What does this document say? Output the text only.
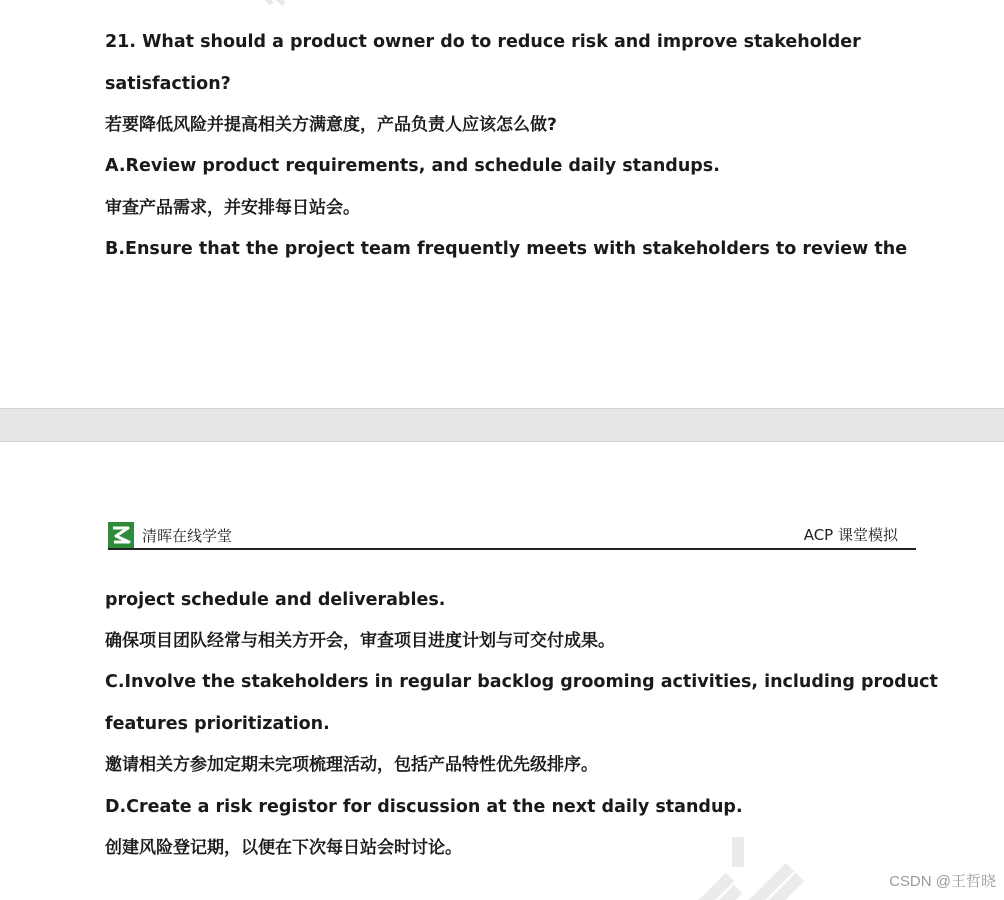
21. What should a product owner do to reduce risk and improve stakeholder
satisfaction?
若要降低风险并提高相关方满意度，产品负责人应该怎么做?
A.Review product requirements, and schedule daily standups.
审查产品需求，并安排每日站会。
B.Ensure that the project team frequently meets with stakeholders to review the
清晖在线学堂	ACP 课堂模拟
project schedule and deliverables.
确保项目团队经常与相关方开会，审查项目进度计划与可交付成果。
C.Involve the stakeholders in regular backlog grooming activities, including product
features prioritization.
邀请相关方参加定期未完项梳理活动，包括产品特性优先级排序。
D.Create a risk registor for discussion at the next daily standup.
创建风险登记期，以便在下次每日站会时讨论。
CSDN @王哲晓
